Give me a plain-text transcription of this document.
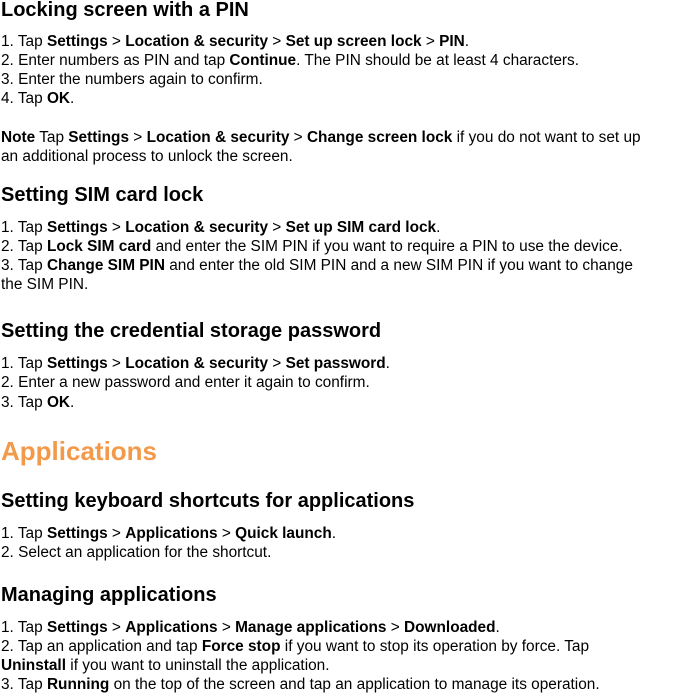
Locking screen with a PIN
1. Tap Settings > Location & security > Set up screen lock > PIN.
2. Enter numbers as PIN and tap Continue. The PIN should be at least 4 characters.
3. Enter the numbers again to confirm.
4. Tap OK.
Note Tap Settings > Location & security > Change screen lock if you do not want to set up
an additional process to unlock the screen.
Setting SIM card lock
1. Tap Settings > Location & security > Set up SIM card lock.
2. Tap Lock SIM card and enter the SIM PIN if you want to require a PIN to use the device.
3. Tap Change SIM PIN and enter the old SIM PIN and a new SIM PIN if you want to change
the SIM PIN.
Setting the credential storage password
1. Tap Settings > Location & security > Set password.
2. Enter a new password and enter it again to confirm.
3. Tap OK.
Applications
Setting keyboard shortcuts for applications
1. Tap Settings > Applications > Quick launch.
2. Select an application for the shortcut.
Managing applications
1. Tap Settings > Applications > Manage applications > Downloaded.
2. Tap an application and tap Force stop if you want to stop its operation by force. Tap
Uninstall if you want to uninstall the application.
3. Tap Running on the top of the screen and tap an application to manage its operation.
